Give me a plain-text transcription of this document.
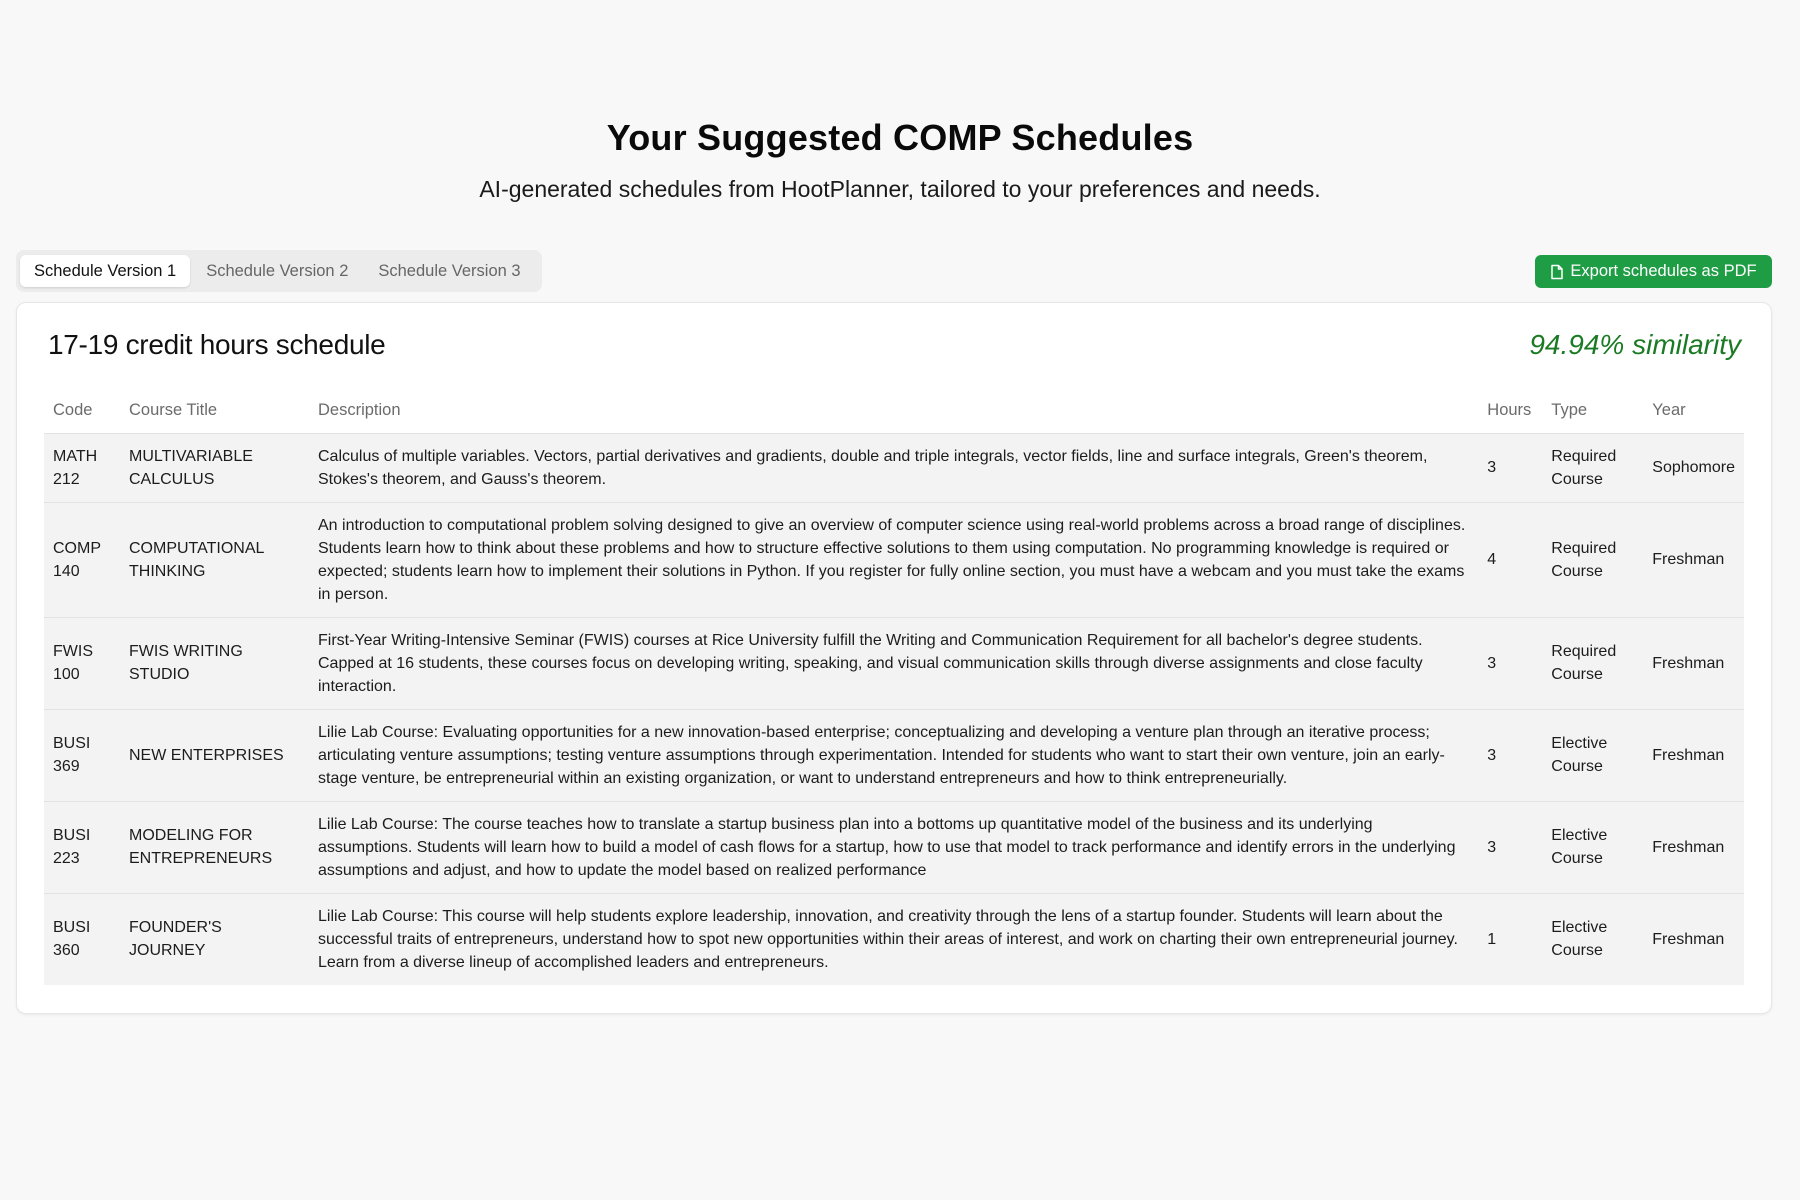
Your Suggested COMP Schedules

AI-generated schedules from HootPlanner, tailored to your preferences and needs.

Schedule Version 1	Schedule Version 2	Schedule Version 3	Export schedules as PDF
17-19 credit hours schedule	94.94% similarity
Code	Course Title	Description	Hours	Type	Year
MATH 212	MULTIVARIABLE CALCULUS	Calculus of multiple variables. Vectors, partial derivatives and gradients, double and triple integrals, vector fields, line and surface integrals, Green's theorem, Stokes's theorem, and Gauss's theorem.	3	Required Course	Sophomore
COMP 140	COMPUTATIONAL THINKING	An introduction to computational problem solving designed to give an overview of computer science using real-world problems across a broad range of disciplines. Students learn how to think about these problems and how to structure effective solutions to them using computation. No programming knowledge is required or expected; students learn how to implement their solutions in Python. If you register for fully online section, you must have a webcam and you must take the exams in person.	4	Required Course	Freshman
FWIS 100	FWIS WRITING STUDIO	First-Year Writing-Intensive Seminar (FWIS) courses at Rice University fulfill the Writing and Communication Requirement for all bachelor's degree students. Capped at 16 students, these courses focus on developing writing, speaking, and visual communication skills through diverse assignments and close faculty interaction.	3	Required Course	Freshman
BUSI 369	NEW ENTERPRISES	Lilie Lab Course: Evaluating opportunities for a new innovation-based enterprise; conceptualizing and developing a venture plan through an iterative process; articulating venture assumptions; testing venture assumptions through experimentation. Intended for students who want to start their own venture, join an early-stage venture, be entrepreneurial within an existing organization, or want to understand entrepreneurs and how to think entrepreneurially.	3	Elective Course	Freshman
BUSI 223	MODELING FOR ENTREPRENEURS	Lilie Lab Course: The course teaches how to translate a startup business plan into a bottoms up quantitative model of the business and its underlying assumptions. Students will learn how to build a model of cash flows for a startup, how to use that model to track performance and identify errors in the underlying assumptions and adjust, and how to update the model based on realized performance	3	Elective Course	Freshman
BUSI 360	FOUNDER'S JOURNEY	Lilie Lab Course: This course will help students explore leadership, innovation, and creativity through the lens of a startup founder. Students will learn about the successful traits of entrepreneurs, understand how to spot new opportunities within their areas of interest, and work on charting their own entrepreneurial journey. Learn from a diverse lineup of accomplished leaders and entrepreneurs.	1	Elective Course	Freshman
